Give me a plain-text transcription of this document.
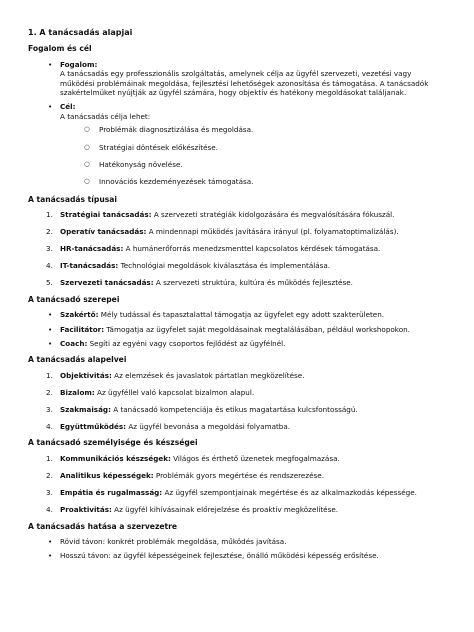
1. A tanácsadás alapjai
Fogalom és cél
• Fogalom:
A tanácsadás egy professzionális szolgáltatás, amelynek célja az ügyfél szervezeti, vezetési vagy működési problémáinak megoldása, fejlesztési lehetőségek azonosítása és támogatása. A tanácsadók szakértelmüket nyújtják az ügyfél számára, hogy objektív és hatékony megoldásokat találjanak.
• Cél:
A tanácsadás célja lehet:
○ Problémák diagnosztizálása és megoldása.
○ Stratégiai döntések előkészítése.
○ Hatékonyság növelése.
○ Innovációs kezdeményezések támogatása.
A tanácsadás típusai
1. Stratégiai tanácsadás: A szervezeti stratégiák kidolgozására és megvalósítására fókuszál.
2. Operatív tanácsadás: A mindennapi működés javítására irányul (pl. folyamatoptimalizálás).
3. HR-tanácsadás: A humánerőforrás menedzsmenttel kapcsolatos kérdések támogatása.
4. IT-tanácsadás: Technológiai megoldások kiválasztása és implementálása.
5. Szervezeti tanácsadás: A szervezeti struktúra, kultúra és működés fejlesztése.
A tanácsadó szerepei
• Szakértő: Mély tudással és tapasztalattal támogatja az ügyfelet egy adott szakterületen.
• Facilitátor: Támogatja az ügyfelet saját megoldásainak megtalálásában, például workshopokon.
• Coach: Segíti az egyéni vagy csoportos fejlődést az ügyfélnél.
A tanácsadás alapelvei
1. Objektivitás: Az elemzések és javaslatok pártatlan megközelítése.
2. Bizalom: Az ügyféllel való kapcsolat bizalmon alapul.
3. Szakmaiság: A tanácsadó kompetenciája és etikus magatartása kulcsfontosságú.
4. Együttműködés: Az ügyfél bevonása a megoldási folyamatba.
A tanácsadó személyisége és készségei
1. Kommunikációs készségek: Világos és érthető üzenetek megfogalmazása.
2. Analitikus képességek: Problémák gyors megértése és rendszerezése.
3. Empátia és rugalmasság: Az ügyfél szempontjainak megértése és az alkalmazkodás képessége.
4. Proaktivitás: Az ügyfél kihívásainak előrejelzése és proaktív megközelítése.
A tanácsadás hatása a szervezetre
• Rövid távon: konkrét problémák megoldása, működés javítása.
• Hosszú távon: az ügyfél képességeinek fejlesztése, önálló működési képesség erősítése.
